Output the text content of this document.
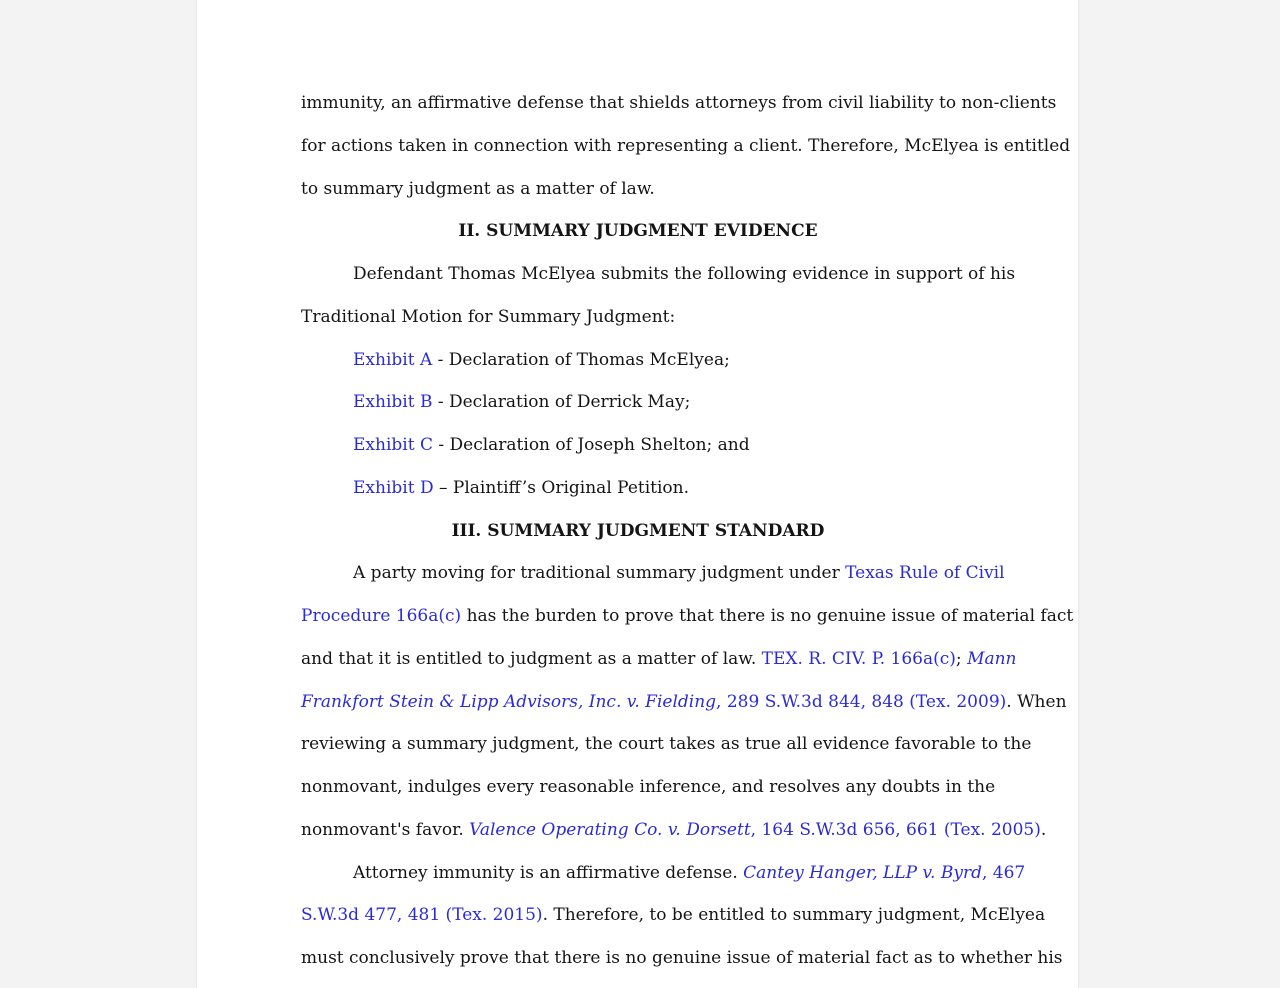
immunity, an affirmative defense that shields attorneys from civil liability to non-clients
for actions taken in connection with representing a client. Therefore, McElyea is entitled
to summary judgment as a matter of law.
II. SUMMARY JUDGMENT EVIDENCE
Defendant Thomas McElyea submits the following evidence in support of his
Traditional Motion for Summary Judgment:
Exhibit A - Declaration of Thomas McElyea;
Exhibit B - Declaration of Derrick May;
Exhibit C - Declaration of Joseph Shelton; and
Exhibit D – Plaintiff’s Original Petition.
III. SUMMARY JUDGMENT STANDARD
A party moving for traditional summary judgment under Texas Rule of Civil
Procedure 166a(c) has the burden to prove that there is no genuine issue of material fact
and that it is entitled to judgment as a matter of law. TEX. R. CIV. P. 166a(c); Mann
Frankfort Stein & Lipp Advisors, Inc. v. Fielding, 289 S.W.3d 844, 848 (Tex. 2009). When
reviewing a summary judgment, the court takes as true all evidence favorable to the
nonmovant, indulges every reasonable inference, and resolves any doubts in the
nonmovant's favor. Valence Operating Co. v. Dorsett, 164 S.W.3d 656, 661 (Tex. 2005).
Attorney immunity is an affirmative defense. Cantey Hanger, LLP v. Byrd, 467
S.W.3d 477, 481 (Tex. 2015). Therefore, to be entitled to summary judgment, McElyea
must conclusively prove that there is no genuine issue of material fact as to whether his
